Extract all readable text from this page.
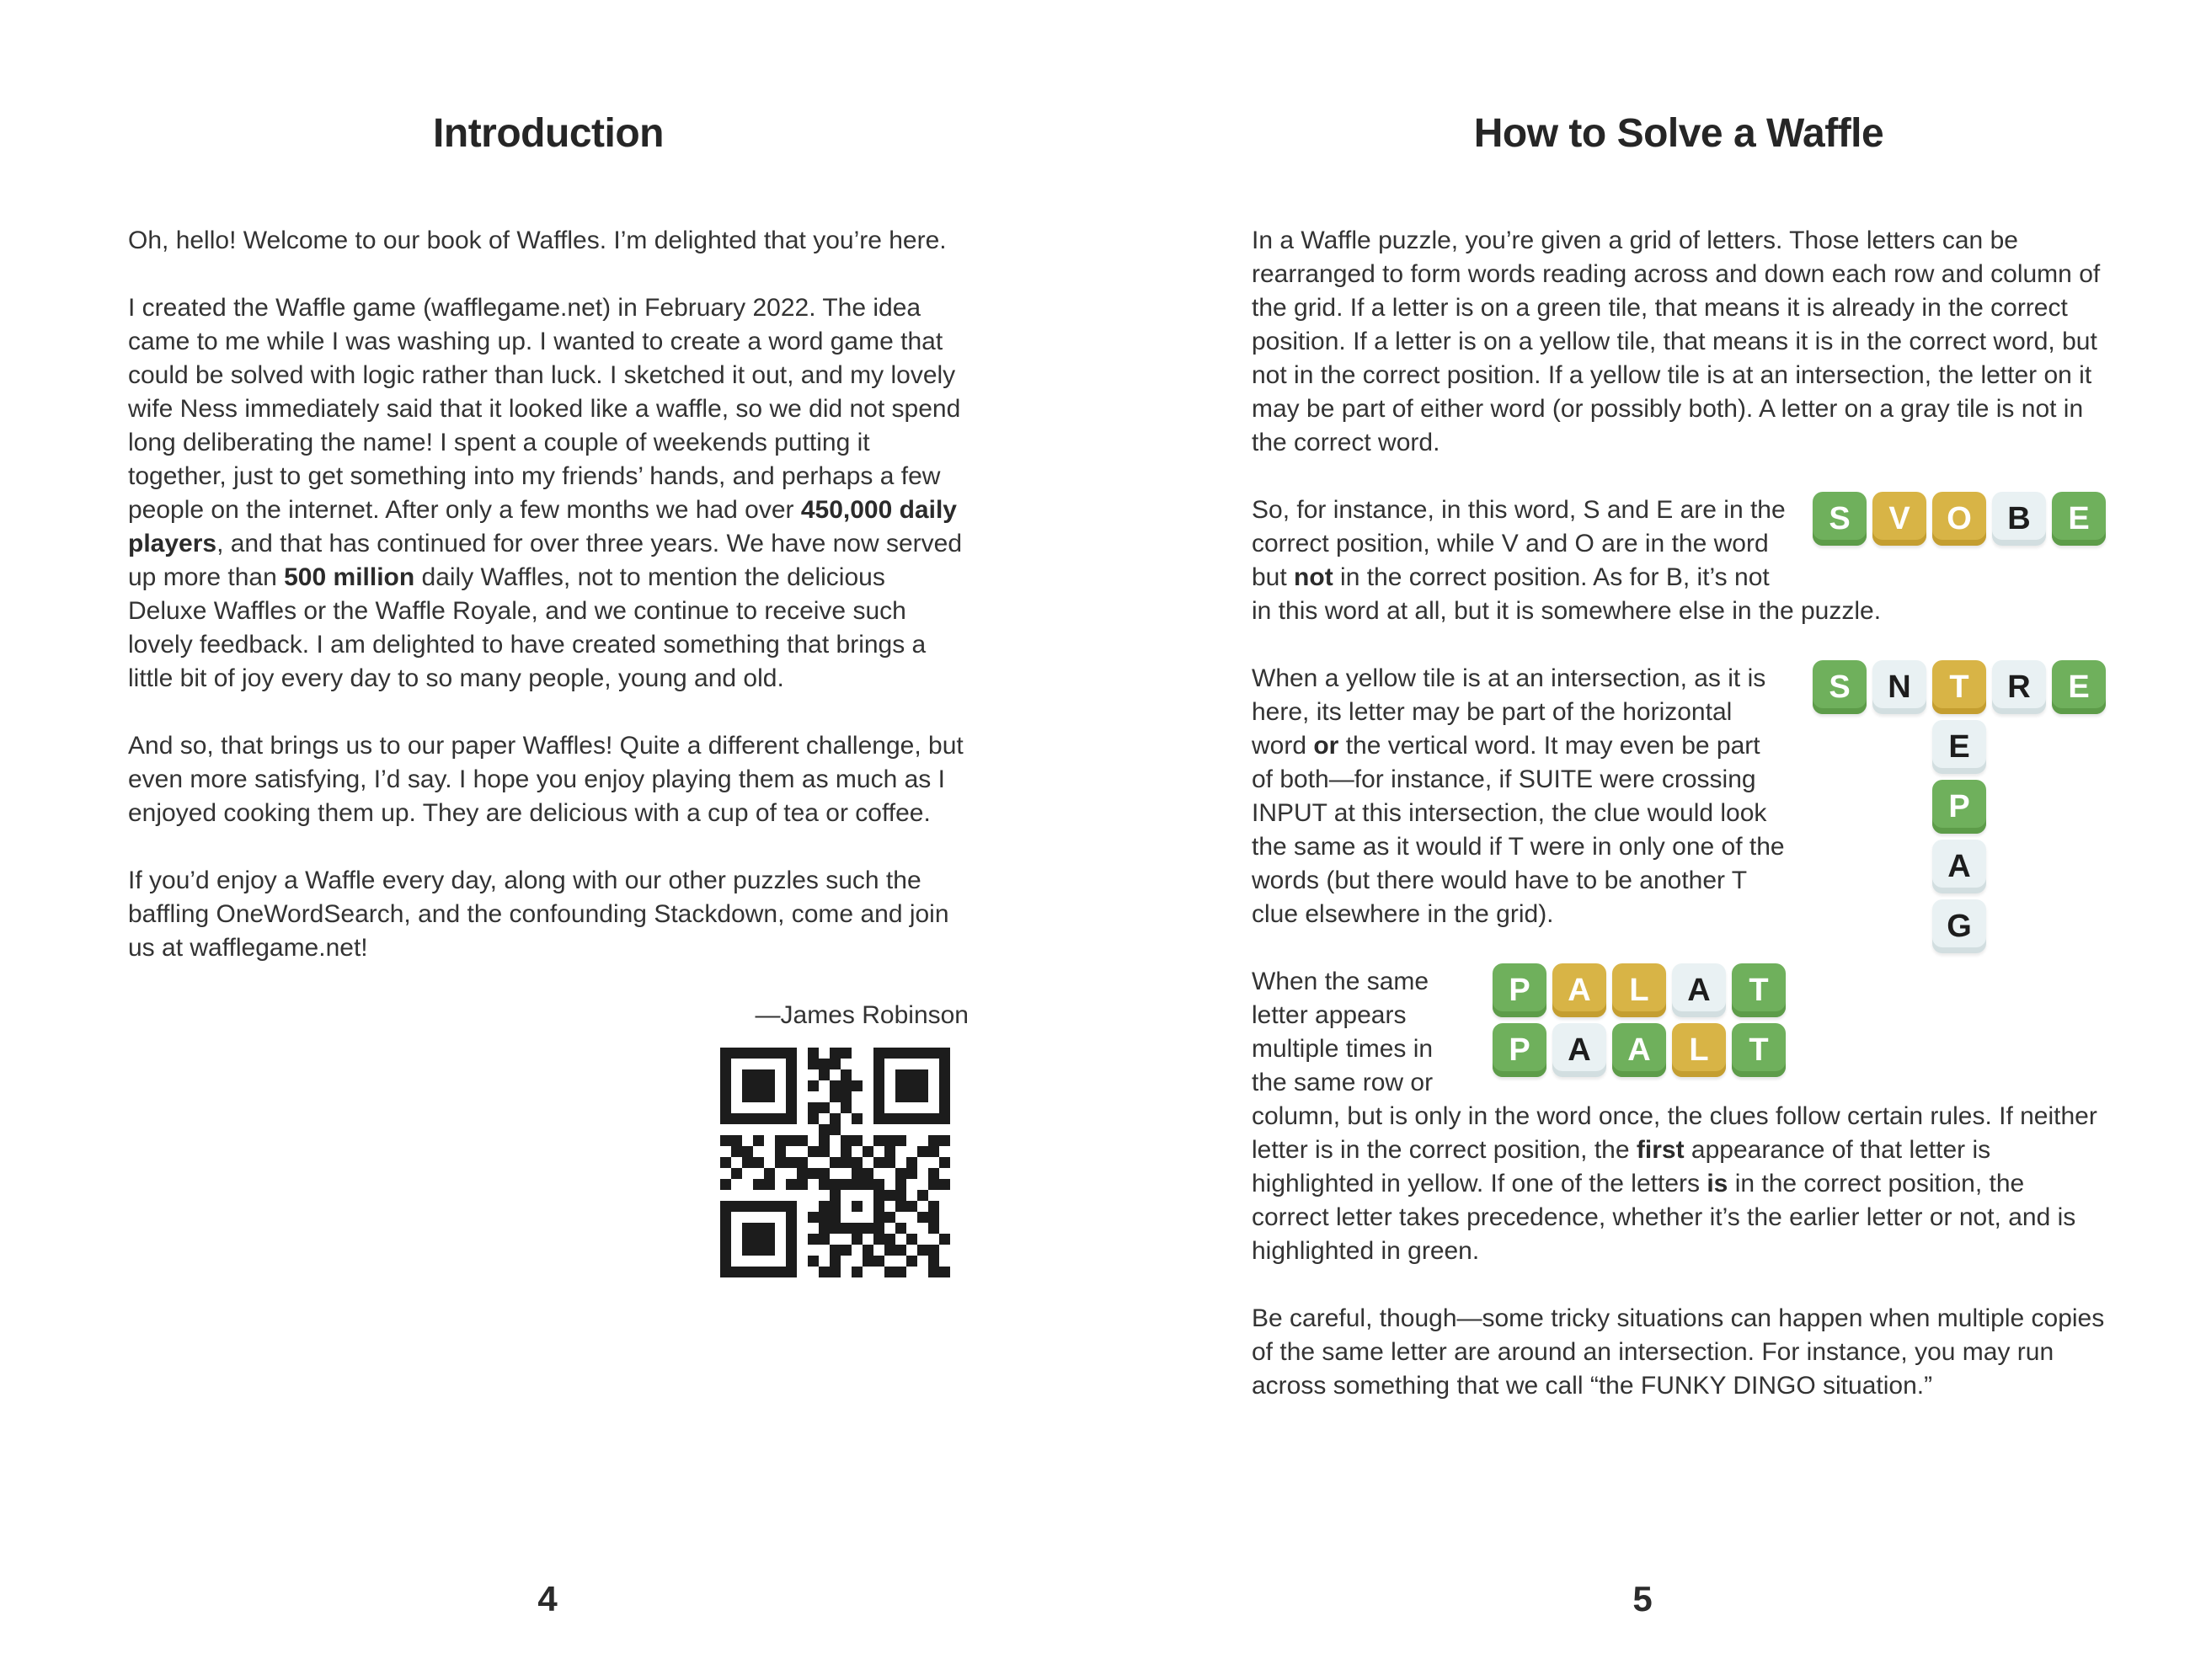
Introduction

Oh, hello! Welcome to our book of Waffles. I’m delighted that you’re here.

I created the Waffle game (wafflegame.net) in February 2022. The idea came to me while I was washing up. I wanted to create a word game that could be solved with logic rather than luck. I sketched it out, and my lovely wife Ness immediately said that it looked like a waffle, so we did not spend long deliberating the name! I spent a couple of weekends putting it together, just to get something into my friends’ hands, and perhaps a few people on the internet. After only a few months we had over 450,000 daily players, and that has continued for over three years. We have now served up more than 500 million daily Waffles, not to mention the delicious Deluxe Waffles or the Waffle Royale, and we continue to receive such lovely feedback. I am delighted to have created something that brings a little bit of joy every day to so many people, young and old.

And so, that brings us to our paper Waffles! Quite a different challenge, but even more satisfying, I’d say. I hope you enjoy playing them as much as I enjoyed cooking them up. They are delicious with a cup of tea or coffee.

If you’d enjoy a Waffle every day, along with our other puzzles such the baffling OneWordSearch, and the confounding Stackdown, come and join us at wafflegame.net!

—James Robinson
4
How to Solve a Waffle

In a Waffle puzzle, you’re given a grid of letters. Those letters can be rearranged to form words reading across and down each row and column of the grid. If a letter is on a green tile, that means it is already in the correct position. If a letter is on a yellow tile, that means it is in the correct word, but not in the correct position. If a yellow tile is at an intersection, the letter on it may be part of either word (or possibly both). A letter on a gray tile is not in the correct word.

S	V	O	B	E
So, for instance, in this word, S and E are in the correct position, while V and O are in the word but not in the correct position. As for B, it’s not in this word at all, but it is somewhere else in the puzzle.

S	N	T	R	E
E
P
A
G
When a yellow tile is at an intersection, as it is here, its letter may be part of the horizontal word or the vertical word. It may even be part of both—for instance, if SUITE were crossing INPUT at this intersection, the clue would look the same as it would if T were in only one of the words (but there would have to be another T clue elsewhere in the grid).

P	A	L	A	T
P	A	A	L	T
When the same letter appears multiple times in the same row or column, but is only in the word once, the clues follow certain rules. If neither letter is in the correct position, the first appearance of that letter is highlighted in yellow. If one of the letters is in the correct position, the correct letter takes precedence, whether it’s the earlier letter or not, and is highlighted in green.

Be careful, though—some tricky situations can happen when multiple copies of the same letter are around an intersection. For instance, you may run across something that we call “the FUNKY DINGO situation.”

5
